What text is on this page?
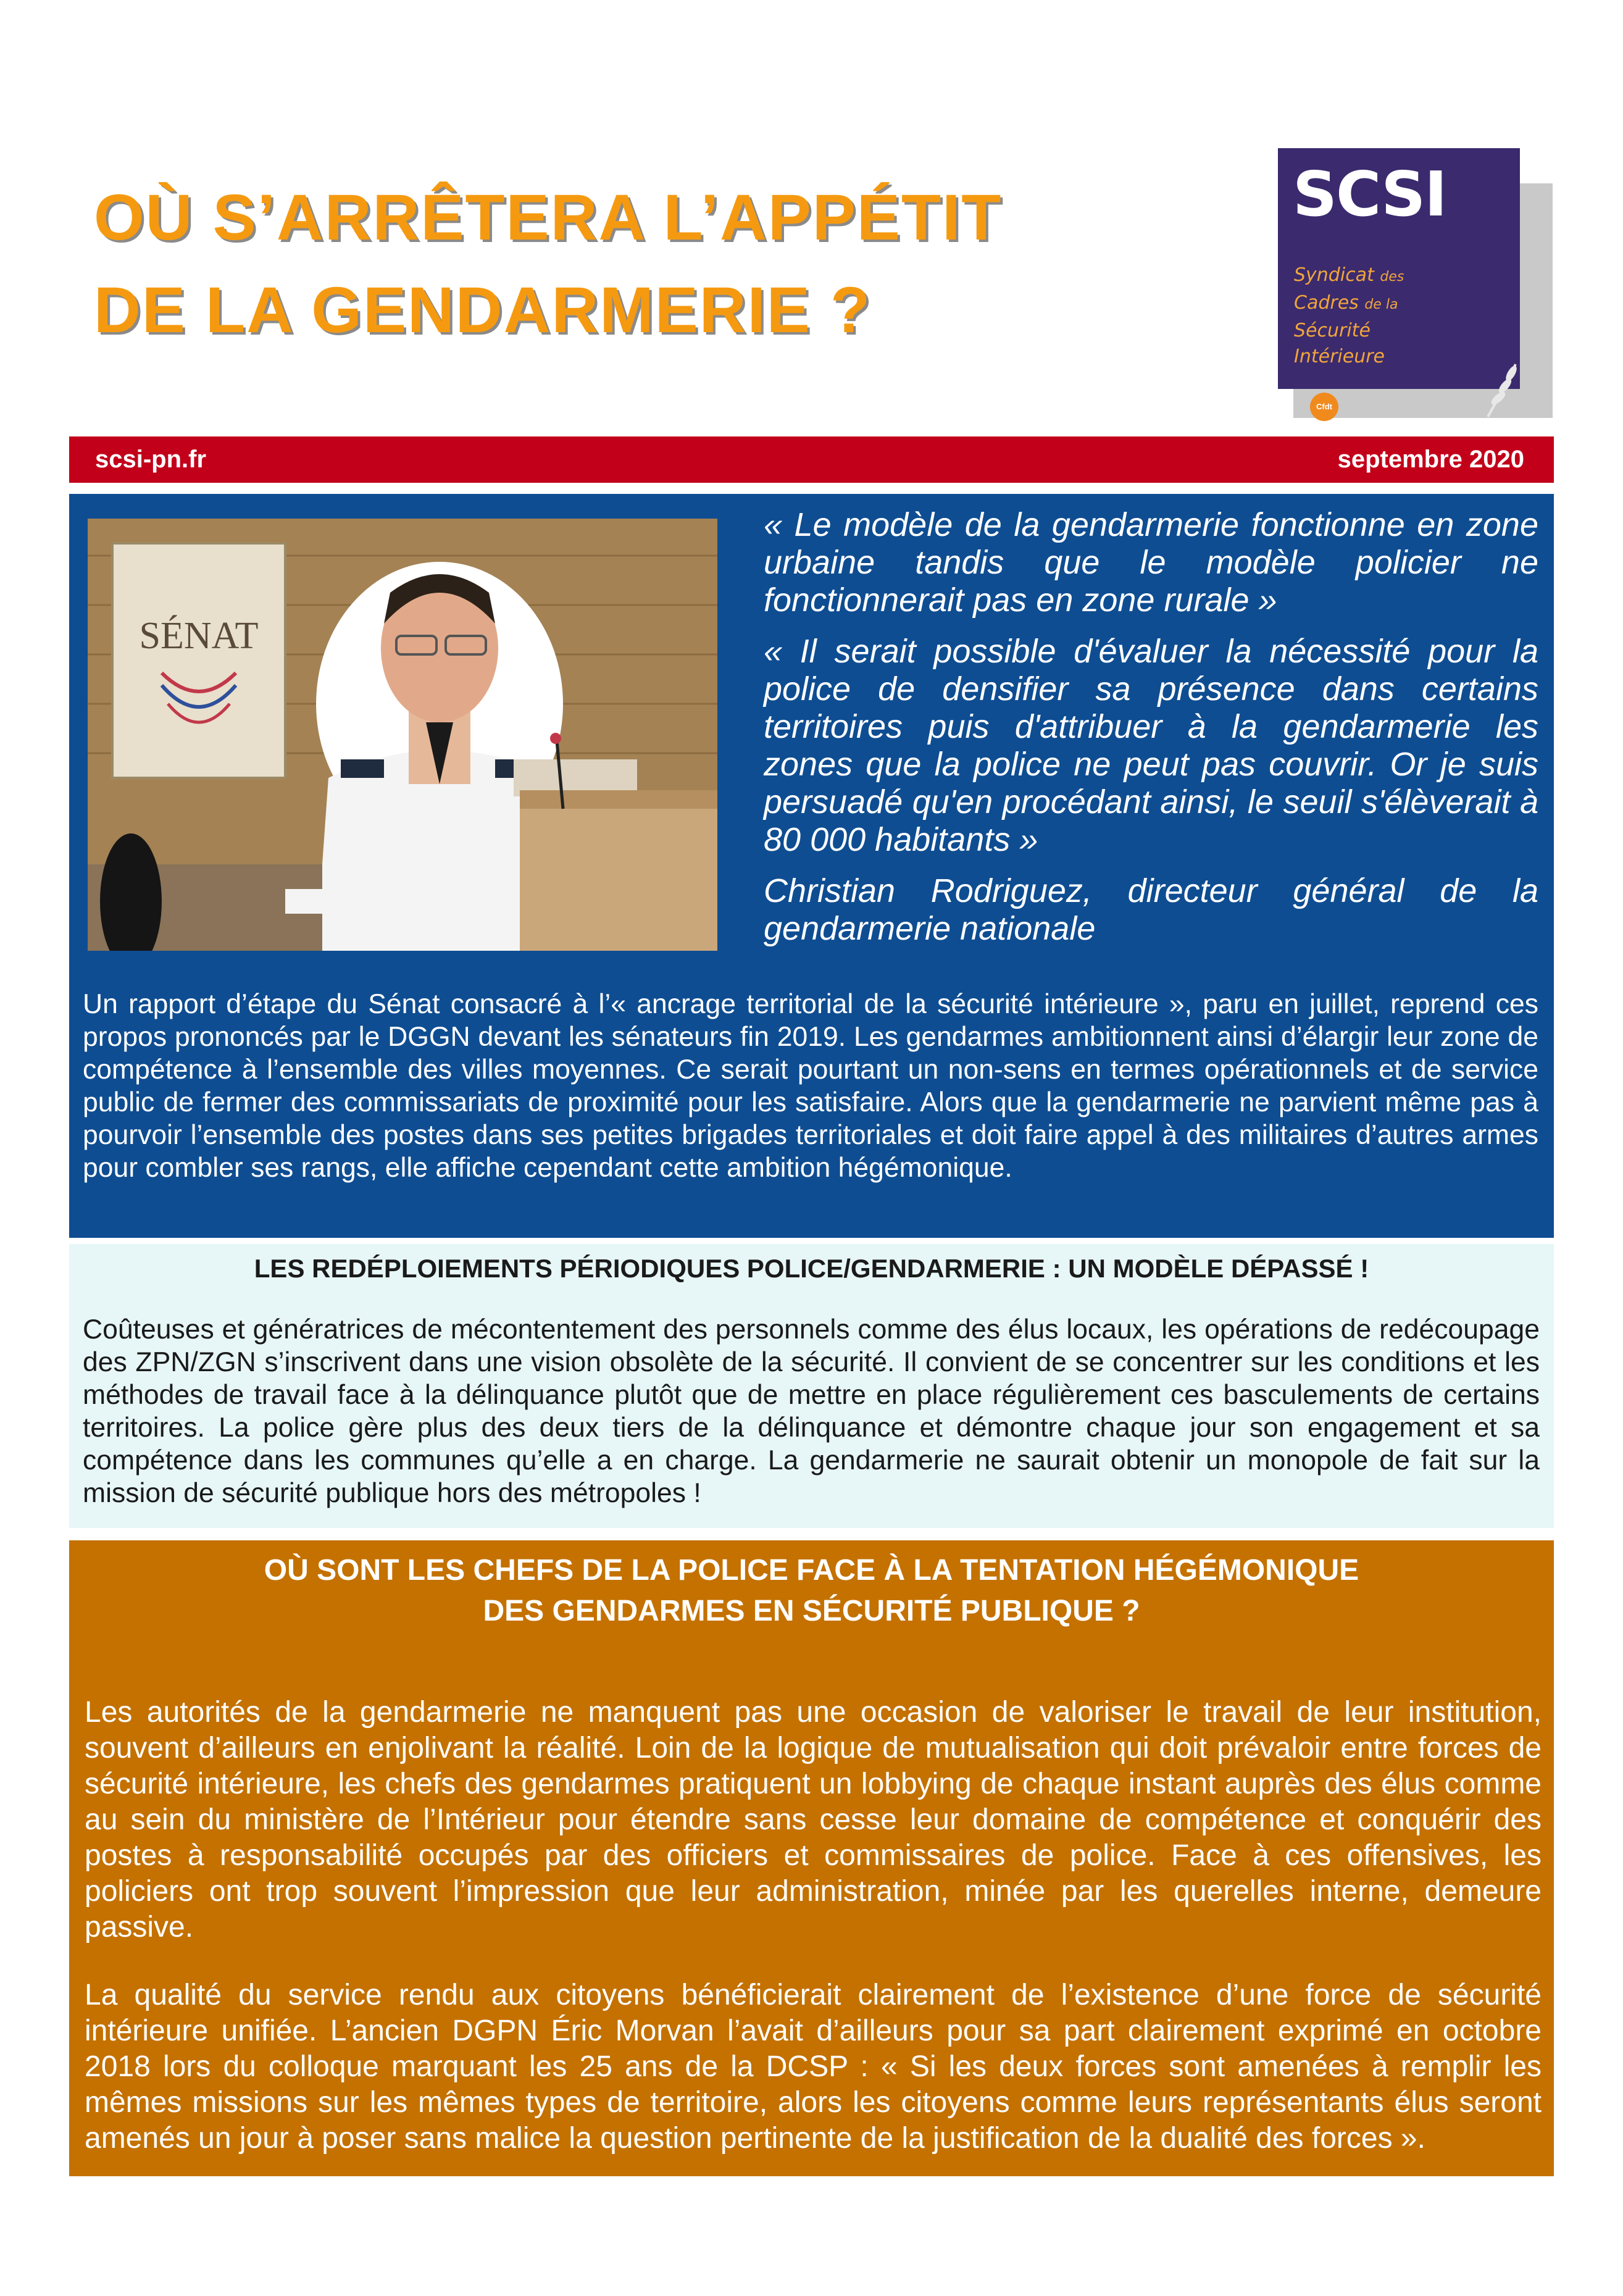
OÙ S’ARRÊTERA L’APPÉTIT
DE LA GENDARMERIE ?
SCSI
Syndicat des
Cadres de la
Sécurité
Intérieure
Cfdt
scsi-pn.fr	septembre 2020
SÉNAT

« Le modèle de la gendarmerie fonctionne en zone urbaine tandis que le modèle policier ne fonctionnerait pas en zone rurale »

« Il serait possible d'évaluer la nécessité pour la police de densifier sa présence dans certains territoires puis d'attribuer à la gendarmerie les zones que la police ne peut pas couvrir. Or je suis persuadé qu'en procédant ainsi, le seuil s'élèverait à 80 000 habitants »

Christian Rodriguez, directeur général de la gendarmerie nationale

Un rapport d’étape du Sénat consacré à l’« ancrage territorial de la sécurité intérieure », paru en juillet, reprend ces propos prononcés par le DGGN devant les sénateurs fin 2019. Les gendarmes ambitionnent ainsi d’élargir leur zone de compétence à l’ensemble des villes moyennes. Ce serait pourtant un non-sens en termes opérationnels et de service public de fermer des commissariats de proximité pour les satisfaire. Alors que la gendarmerie ne parvient même pas à pourvoir l’ensemble des postes dans ses petites brigades territoriales et doit faire appel à des militaires d’autres armes pour combler ses rangs, elle affiche cependant cette ambition hégémonique.

LES REDÉPLOIEMENTS PÉRIODIQUES POLICE/GENDARMERIE : UN MODÈLE DÉPASSÉ !

Coûteuses et génératrices de mécontentement des personnels comme des élus locaux, les opérations de redécoupage des ZPN/ZGN s’inscrivent dans une vision obsolète de la sécurité. Il convient de se concentrer sur les conditions et les méthodes de travail face à la délinquance plutôt que de mettre en place régulièrement ces basculements de certains territoires. La police gère plus des deux tiers de la délinquance et démontre chaque jour son engagement et sa compétence dans les communes qu’elle a en charge. La gendarmerie ne saurait obtenir un monopole de fait sur la mission de sécurité publique hors des métropoles !

OÙ SONT LES CHEFS DE LA POLICE FACE À LA TENTATION HÉGÉMONIQUE
DES GENDARMES EN SÉCURITÉ PUBLIQUE ?

Les autorités de la gendarmerie ne manquent pas une occasion de valoriser le travail de leur institution, souvent d’ailleurs en enjolivant la réalité. Loin de la logique de mutualisation qui doit prévaloir entre forces de sécurité intérieure, les chefs des gendarmes pratiquent un lobbying de chaque instant auprès des élus comme au sein du ministère de l’Intérieur pour étendre sans cesse leur domaine de compétence et conquérir des postes à responsabilité occupés par des officiers et commissaires de police. Face à ces offensives, les policiers ont trop souvent l’impression que leur administration, minée par les querelles interne, demeure passive.

La qualité du service rendu aux citoyens bénéficierait clairement de l’existence d’une force de sécurité intérieure unifiée. L’ancien DGPN Éric Morvan l’avait d’ailleurs pour sa part clairement exprimé en octobre 2018 lors du colloque marquant les 25 ans de la DCSP : « Si les deux forces sont amenées à remplir les mêmes missions sur les mêmes types de territoire, alors les citoyens comme leurs représentants élus seront amenés un jour à poser sans malice la question pertinente de la justification de la dualité des forces ».
